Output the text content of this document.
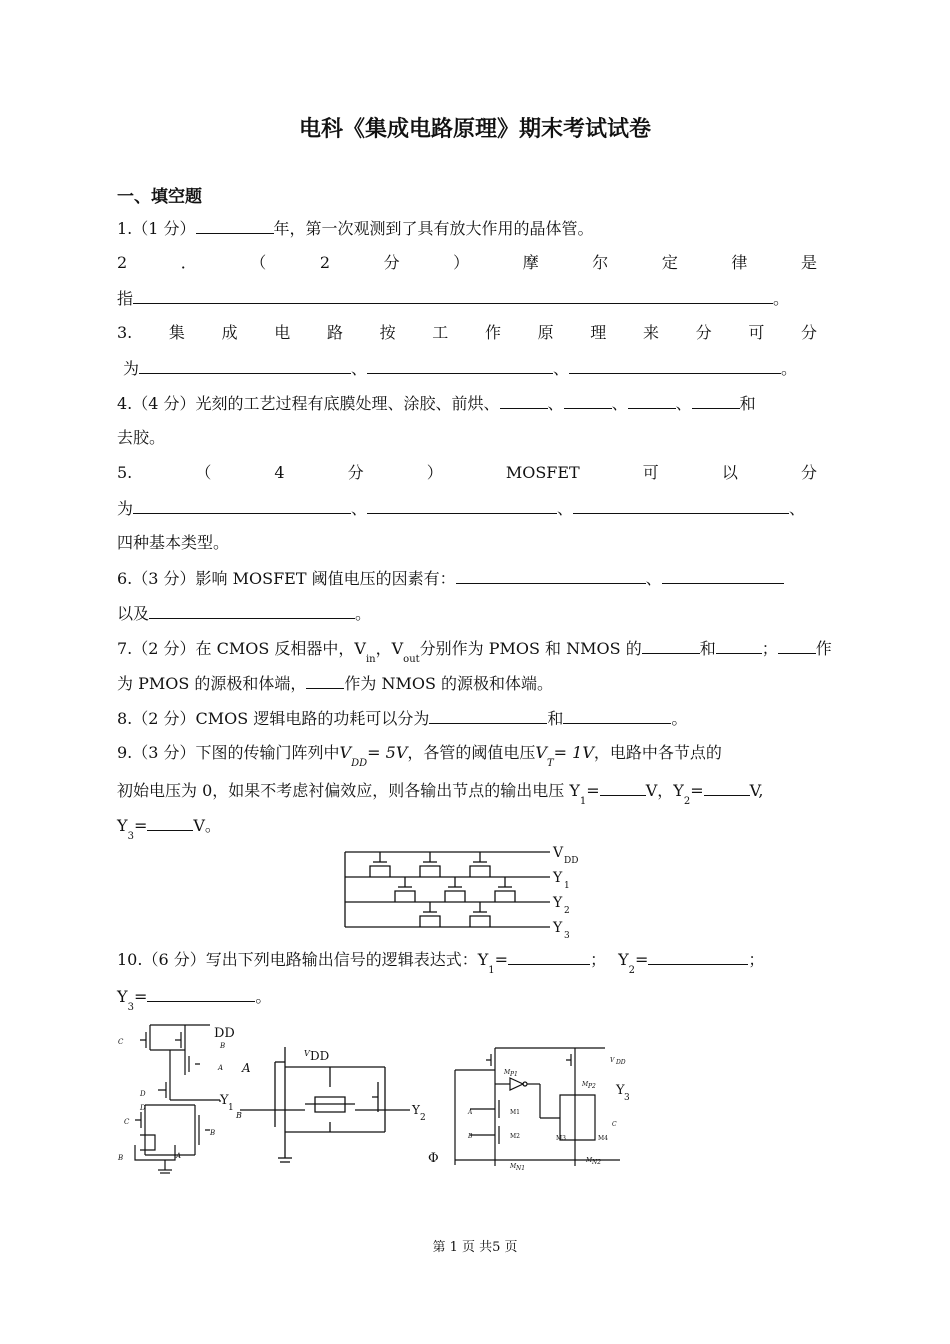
电科《集成电路原理》期末考试试卷
一、填空题
1.（1 分）	年，第一次观测到了具有放大作用的晶体管。
2	．	（	2	分	）	摩	尔	定	律	是
指	。
3. 集 成 电 路 按 工 作 原 理 来 分 可 分
为	、	、	。
4.（4 分）光刻的工艺过程有底膜处理、涂胶、前烘、	、	、	、	和
去胶。
5.	（	4	分	）	MOSFET	可	以	分
为	、	、	、
四种基本类型。
6.（3 分）影响 MOSFET 阈值电压的因素有：	、
以及	。
7.（2 分）在 CMOS 反相器中，$V_{in}$，$V_{out}$分别作为 PMOS 和 NMOS 的	和	； 作
为 PMOS 的源极和体端， 作为 NMOS 的源极和体端。
8.（2 分）CMOS 逻辑电路的功耗可以分为	和	。
9.（3 分）下图的传输门阵列中$V_{DD}= 5V$，各管的阈值电压$V_T= 1V$，电路中各节点的
初始电压为 0，如果不考虑衬偏效应，则各输出节点的输出电压 $Y_1=$	V，$Y_2=$	V,
$Y_3=$	V。
V DD
Y 1
Y 2
Y 3
10.（6 分）写出下列电路输出信号的逻辑表达式：$Y_1=$	； $Y_2=$	；
$Y_3=$	。
C	B
A
D
C
D
B
B	A
DD
Y 1
V DD
A
B	Y
2
V DD
M P1
M P2
A
B
M1
M2	M3	M4
C
M N1
M N2
Y 3
Φ
第 1 页 共5 页
